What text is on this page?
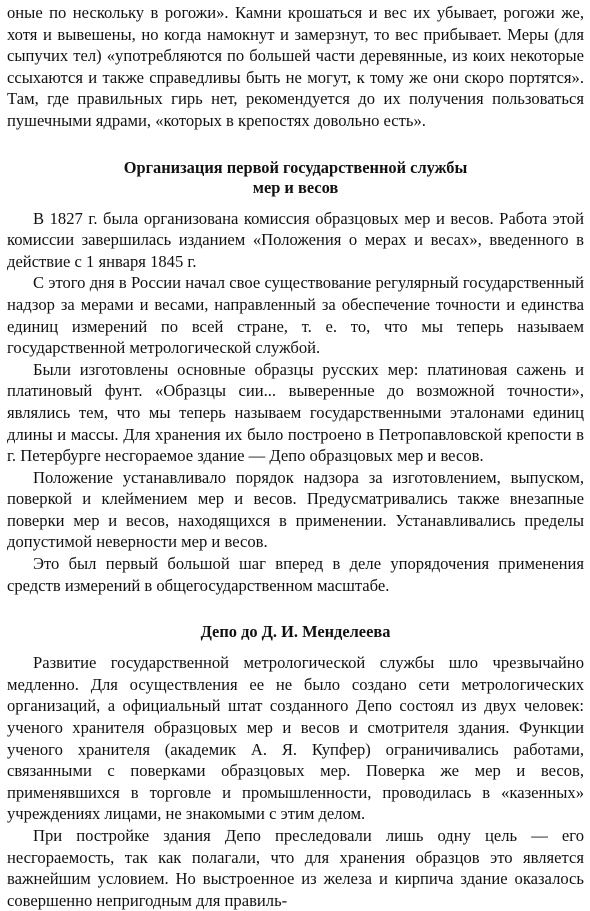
оные по нескольку в рогожи». Камни крошаться и вес их убывает, рогожи же, хотя и вывешены, но когда намокнут и замерзнут, то вес прибывает. Меры (для сыпучих тел) «употребляются по большей части деревянные, из коих некоторые ссыхаются и также справедливы быть не могут, к тому же они скоро портятся». Там, где правильных гирь нет, рекомендуется до их получения пользоваться пушечными ядрами, «которых в крепостях довольно есть».

Организация первой государственной службы
мер и весов

В 1827 г. была организована комиссия образцовых мер и весов. Работа этой комиссии завершилась изданием «Положения о мерах и весах», введенного в действие с 1 января 1845 г.

С этого дня в России начал свое существование регулярный государственный надзор за мерами и весами, направленный за обеспечение точности и единства единиц измерений по всей стране, т. е. то, что мы теперь называем государственной метрологической службой.

Были изготовлены основные образцы русских мер: платиновая сажень и платиновый фунт. «Образцы сии... выверенные до возможной точности», являлись тем, что мы теперь называем государственными эталонами единиц длины и массы. Для хранения их было построено в Петропавловской крепости в г. Петербурге несгораемое здание — Депо образцовых мер и весов.

Положение устанавливало порядок надзора за изготовлением, выпуском, поверкой и клеймением мер и весов. Предусматривались также внезапные поверки мер и весов, находящихся в применении. Устанавливались пределы допустимой неверности мер и весов.

Это был первый большой шаг вперед в деле упорядочения применения средств измерений в общегосударственном масштабе.

Депо до Д. И. Менделеева

Развитие государственной метрологической службы шло чрезвычайно медленно. Для осуществления ее не было создано сети метрологических организаций, а официальный штат созданного Депо состоял из двух человек: ученого хранителя образцовых мер и весов и смотрителя здания. Функции ученого хранителя (академик А. Я. Купфер) ограничивались работами, связанными с поверками образцовых мер. Поверка же мер и весов, применявшихся в торговле и промышленности, проводилась в «казенных» учреждениях лицами, не знакомыми с этим делом.

При постройке здания Депо преследовали лишь одну цель — его несгораемость, так как полагали, что для хранения образцов это является важнейшим условием. Но выстроенное из железа и кирпича здание оказалось совершенно непригодным для правиль-
